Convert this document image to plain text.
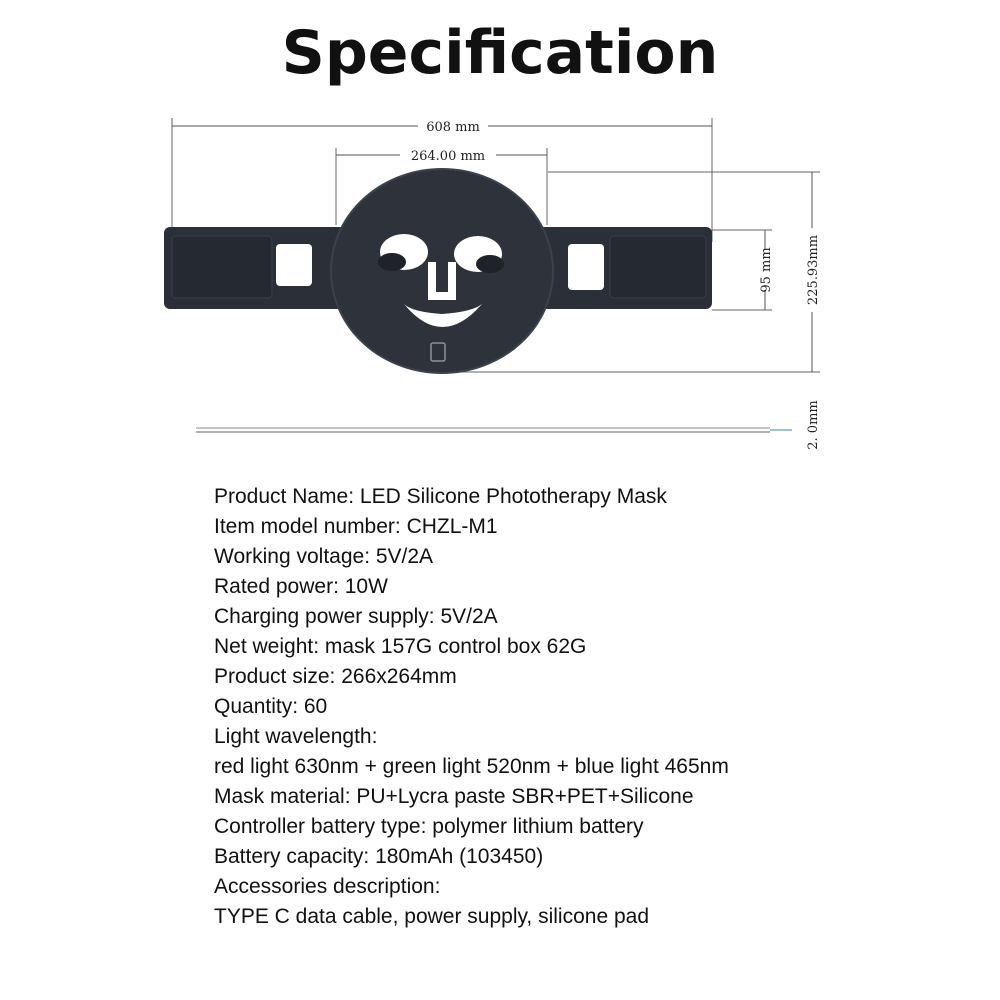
Specification
608 mm
264.00 mm
95 mm 225.93mm
2. 0mm
Product Name: LED Silicone Phototherapy Mask
Item model number: CHZL-M1
Working voltage: 5V/2A
Rated power: 10W
Charging power supply: 5V/2A
Net weight: mask 157G control box 62G
Product size: 266x264mm
Quantity: 60
Light wavelength:
red light 630nm + green light 520nm + blue light 465nm
Mask material: PU+Lycra paste SBR+PET+Silicone
Controller battery type: polymer lithium battery
Battery capacity: 180mAh (103450)
Accessories description:
TYPE C data cable, power supply, silicone pad
